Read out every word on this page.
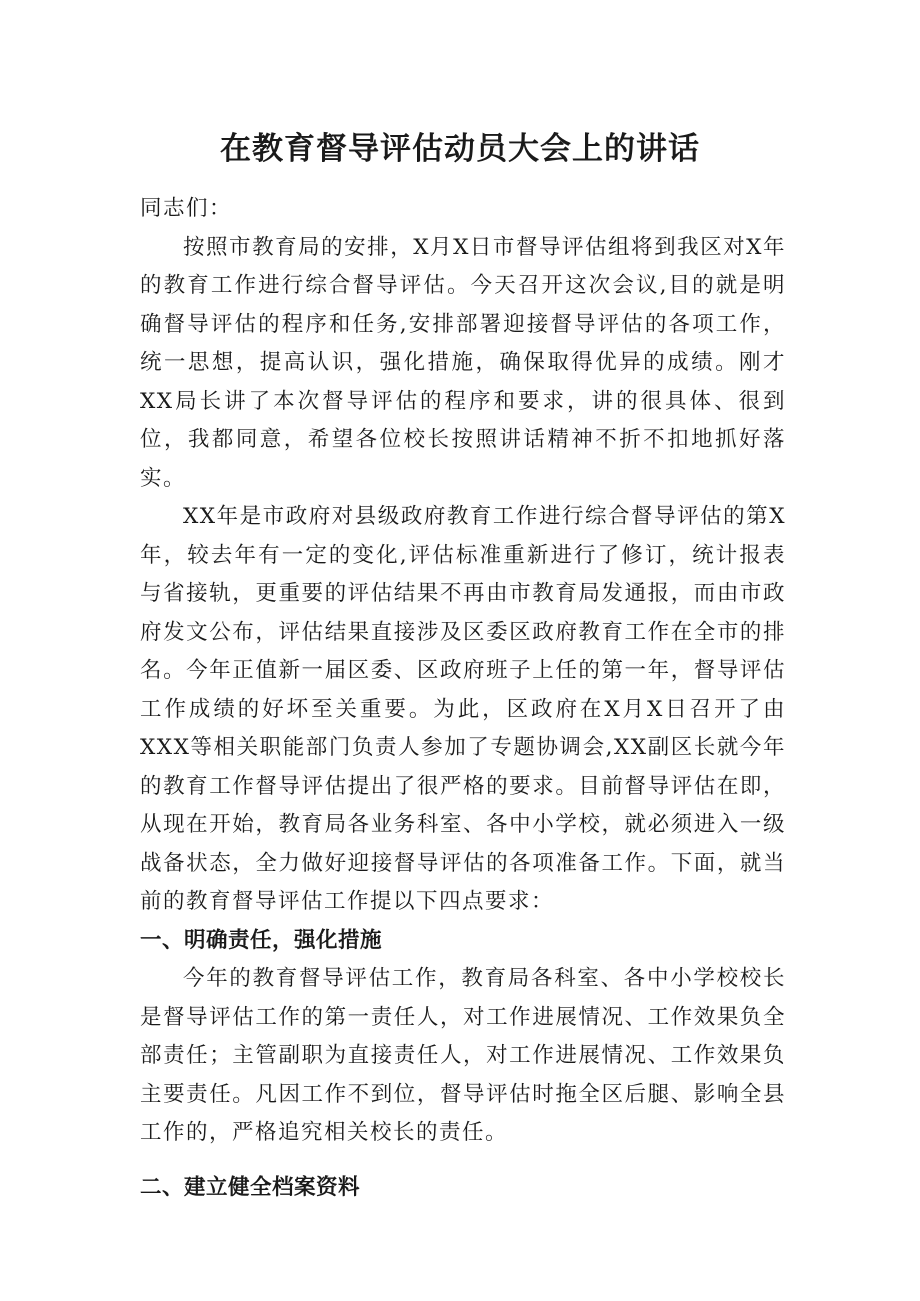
在教育督导评估动员大会上的讲话

同志们：

按照市教育局的安排，X月X日市督导评估组将到我区对X年的教育工作进行综合督导评估。今天召开这次会议,目的就是明确督导评估的程序和任务,安排部署迎接督导评估的各项工作，统一思想，提高认识，强化措施，确保取得优异的成绩。刚才XX局长讲了本次督导评估的程序和要求，讲的很具体、很到位，我都同意，希望各位校长按照讲话精神不折不扣地抓好落实。

XX年是市政府对县级政府教育工作进行综合督导评估的第X年，较去年有一定的变化,评估标准重新进行了修订，统计报表与省接轨，更重要的评估结果不再由市教育局发通报，而由市政府发文公布，评估结果直接涉及区委区政府教育工作在全市的排名。今年正值新一届区委、区政府班子上任的第一年，督导评估工作成绩的好坏至关重要。为此，区政府在X月X日召开了由XXX等相关职能部门负责人参加了专题协调会,XX副区长就今年的教育工作督导评估提出了很严格的要求。目前督导评估在即，从现在开始，教育局各业务科室、各中小学校，就必须进入一级战备状态，全力做好迎接督导评估的各项准备工作。下面，就当前的教育督导评估工作提以下四点要求：

一、明确责任，强化措施

今年的教育督导评估工作，教育局各科室、各中小学校校长是督导评估工作的第一责任人，对工作进展情况、工作效果负全部责任；主管副职为直接责任人，对工作进展情况、工作效果负主要责任。凡因工作不到位，督导评估时拖全区后腿、影响全县工作的，严格追究相关校长的责任。

二、建立健全档案资料
